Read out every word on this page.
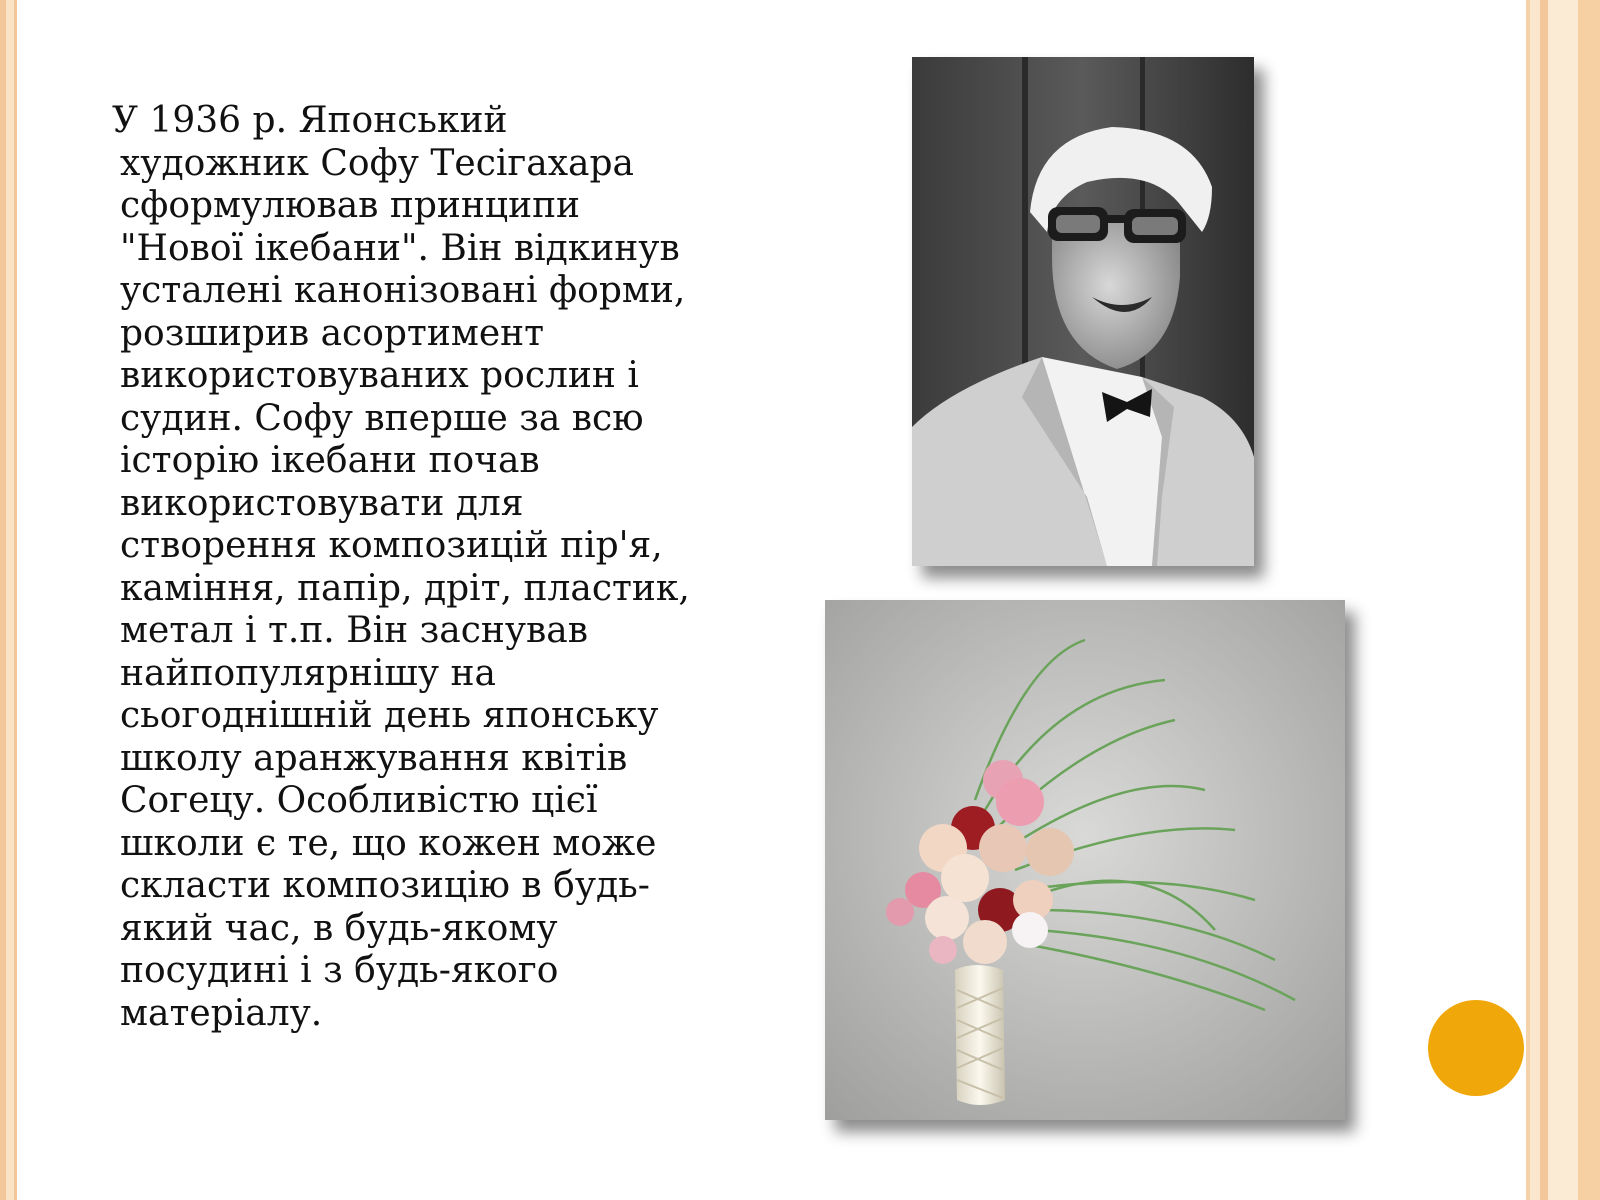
У 1936 р. Японський
художник Софу Тесігахара
сформулював принципи
"Нової ікебани". Він відкинув
усталені канонізовані форми,
розширив асортимент
використовуваних рослин і
судин. Софу вперше за всю
історію ікебани почав
використовувати для
створення композицій пір'я,
каміння, папір, дріт, пластик,
метал і т.п. Він заснував
найпопулярнішу на
сьогоднішній день японську
школу аранжування квітів
Согецу. Особливістю цієї
школи є те, що кожен може
скласти композицію в будь-
який час, в будь-якому
посудині і з будь-якого
матеріалу.
